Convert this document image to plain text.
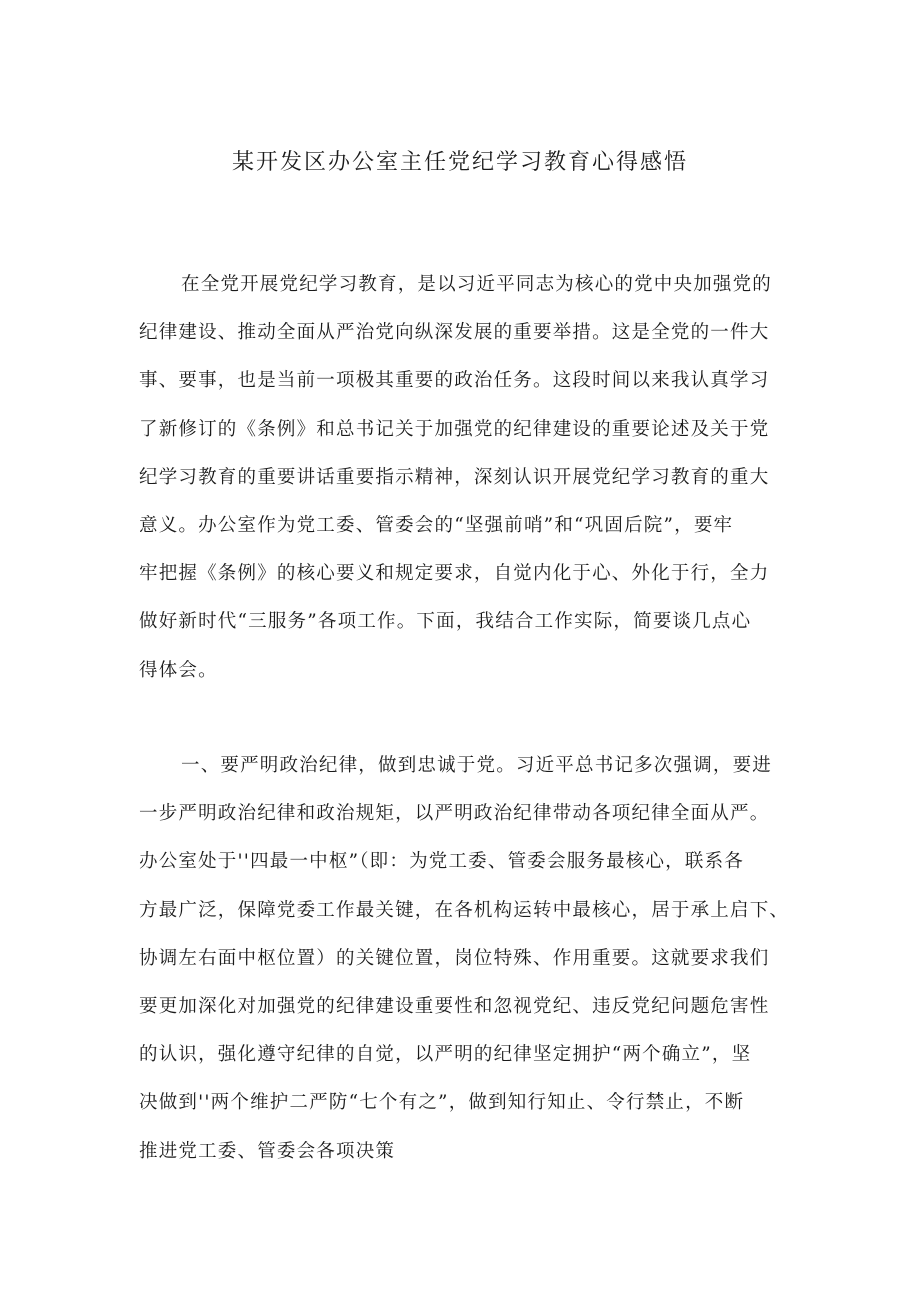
某开发区办公室主任党纪学习教育心得感悟
在全党开展党纪学习教育，是以习近平同志为核心的党中央加强党的
纪律建设、推动全面从严治党向纵深发展的重要举措。这是全党的一件大
事、要事，也是当前一项极其重要的政治任务。这段时间以来我认真学习
了新修订的《条例》和总书记关于加强党的纪律建设的重要论述及关于党
纪学习教育的重要讲话重要指示精神，深刻认识开展党纪学习教育的重大
意义。办公室作为党工委、管委会的“坚强前哨”和“巩固后院”，要牢
牢把握《条例》的核心要义和规定要求，自觉内化于心、外化于行，全力
做好新时代“三服务”各项工作。下面，我结合工作实际，简要谈几点心
得体会。
一、要严明政治纪律，做到忠诚于党。习近平总书记多次强调，要进
一步严明政治纪律和政治规矩，以严明政治纪律带动各项纪律全面从严。
办公室处于''四最一中枢”（即：为党工委、管委会服务最核心，联系各
方最广泛，保障党委工作最关键，在各机构运转中最核心，居于承上启下、
协调左右面中枢位置）的关键位置，岗位特殊、作用重要。这就要求我们
要更加深化对加强党的纪律建设重要性和忽视党纪、违反党纪问题危害性
的认识，强化遵守纪律的自觉，以严明的纪律坚定拥护“两个确立”，坚
决做到''两个维护二严防“七个有之”，做到知行知止、令行禁止，不断
推进党工委、管委会各项决策
